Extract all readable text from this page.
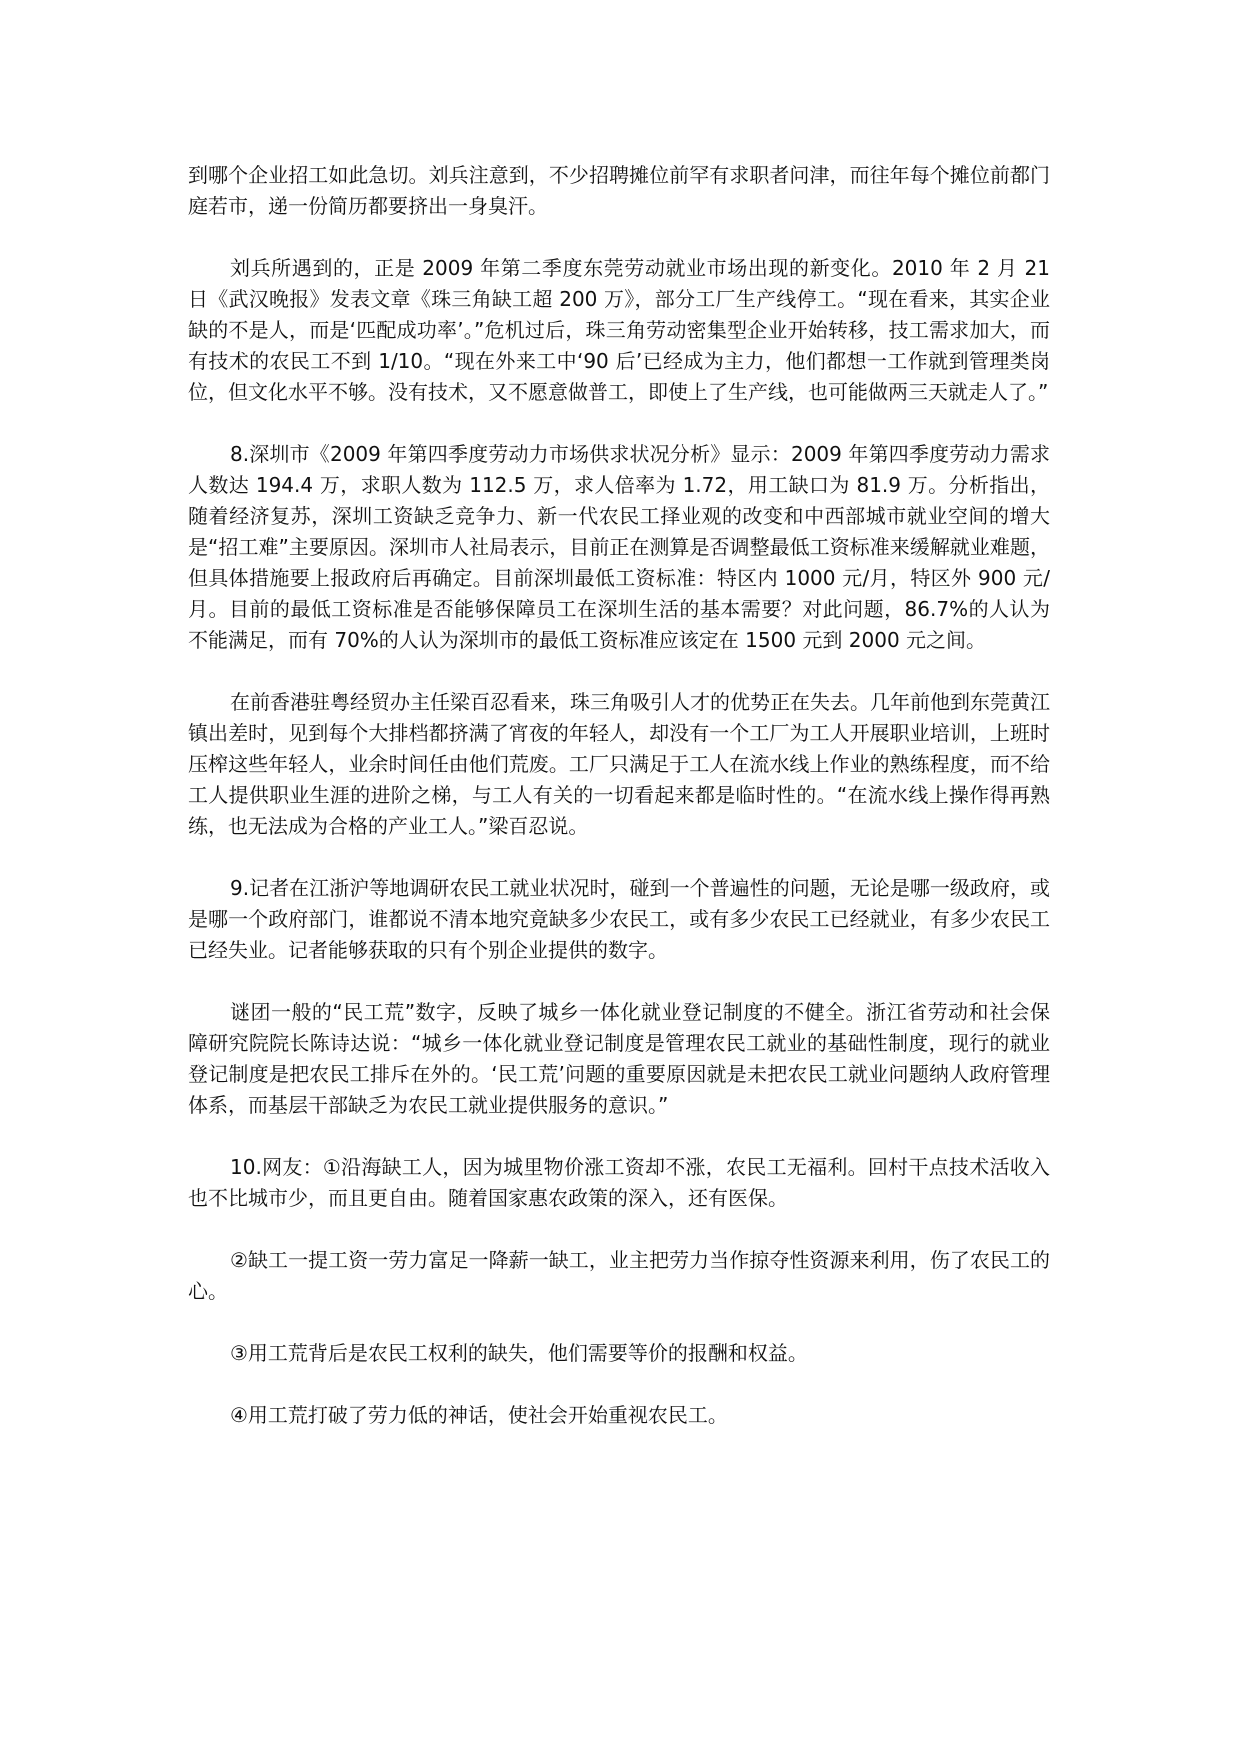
到哪个企业招工如此急切。刘兵注意到，不少招聘摊位前罕有求职者问津，而往年每个摊位前都门庭若市，递一份简历都要挤出一身臭汗。

刘兵所遇到的，正是 2009 年第二季度东莞劳动就业市场出现的新变化。2010 年 2 月 21 日《武汉晚报》发表文章《珠三角缺工超 200 万》，部分工厂生产线停工。“现在看来，其实企业缺的不是人，而是‘匹配成功率’。”危机过后，珠三角劳动密集型企业开始转移，技工需求加大，而有技术的农民工不到 1/10。“现在外来工中‘90 后’已经成为主力，他们都想一工作就到管理类岗位，但文化水平不够。没有技术，又不愿意做普工，即使上了生产线，也可能做两三天就走人了。”

8.深圳市《2009 年第四季度劳动力市场供求状况分析》显示：2009 年第四季度劳动力需求人数达 194.4 万，求职人数为 112.5 万，求人倍率为 1.72，用工缺口为 81.9 万。分析指出，随着经济复苏，深圳工资缺乏竞争力、新一代农民工择业观的改变和中西部城市就业空间的增大是“招工难”主要原因。深圳市人社局表示，目前正在测算是否调整最低工资标准来缓解就业难题，但具体措施要上报政府后再确定。目前深圳最低工资标准：特区内 1000 元/月，特区外 900 元/月。目前的最低工资标准是否能够保障员工在深圳生活的基本需要？对此问题，86.7%的人认为不能满足，而有 70%的人认为深圳市的最低工资标准应该定在 1500 元到 2000 元之间。

在前香港驻粤经贸办主任梁百忍看来，珠三角吸引人才的优势正在失去。几年前他到东莞黄江镇出差时，见到每个大排档都挤满了宵夜的年轻人，却没有一个工厂为工人开展职业培训，上班时压榨这些年轻人，业余时间任由他们荒废。工厂只满足于工人在流水线上作业的熟练程度，而不给工人提供职业生涯的进阶之梯，与工人有关的一切看起来都是临时性的。“在流水线上操作得再熟练，也无法成为合格的产业工人。”梁百忍说。

9.记者在江浙沪等地调研农民工就业状况时，碰到一个普遍性的问题，无论是哪一级政府，或是哪一个政府部门，谁都说不清本地究竟缺多少农民工，或有多少农民工已经就业，有多少农民工已经失业。记者能够获取的只有个别企业提供的数字。

谜团一般的“民工荒”数字，反映了城乡一体化就业登记制度的不健全。浙江省劳动和社会保障研究院院长陈诗达说：“城乡一体化就业登记制度是管理农民工就业的基础性制度，现行的就业登记制度是把农民工排斥在外的。‘民工荒’问题的重要原因就是未把农民工就业问题纳人政府管理体系，而基层干部缺乏为农民工就业提供服务的意识。”

10.网友：①沿海缺工人，因为城里物价涨工资却不涨，农民工无福利。回村干点技术活收入也不比城市少，而且更自由。随着国家惠农政策的深入，还有医保。

②缺工一提工资一劳力富足一降薪一缺工，业主把劳力当作掠夺性资源来利用，伤了农民工的心。

③用工荒背后是农民工权利的缺失，他们需要等价的报酬和权益。

④用工荒打破了劳力低的神话，使社会开始重视农民工。
